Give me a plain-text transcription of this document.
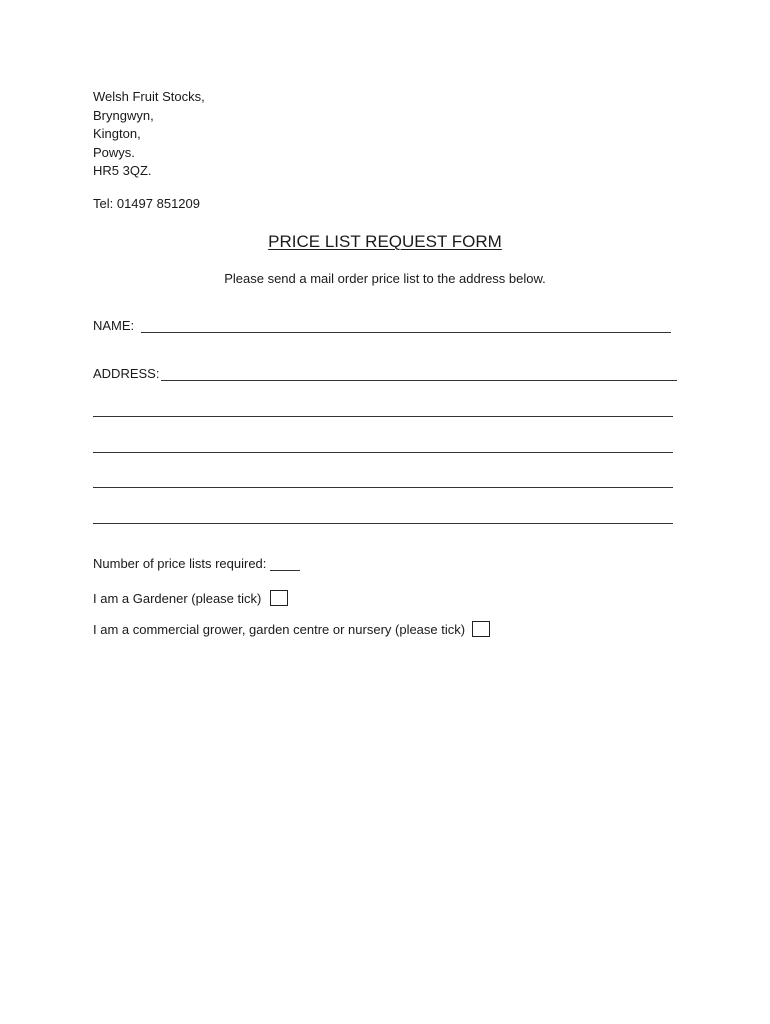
Welsh Fruit Stocks,
Bryngwyn,
Kington,
Powys.
HR5 3QZ.
Tel: 01497 851209
PRICE LIST REQUEST FORM
Please send a mail order price list to the address below.
NAME:
ADDRESS:
Number of price lists required:
I am a Gardener (please tick)
I am a commercial grower, garden centre or nursery (please tick)
